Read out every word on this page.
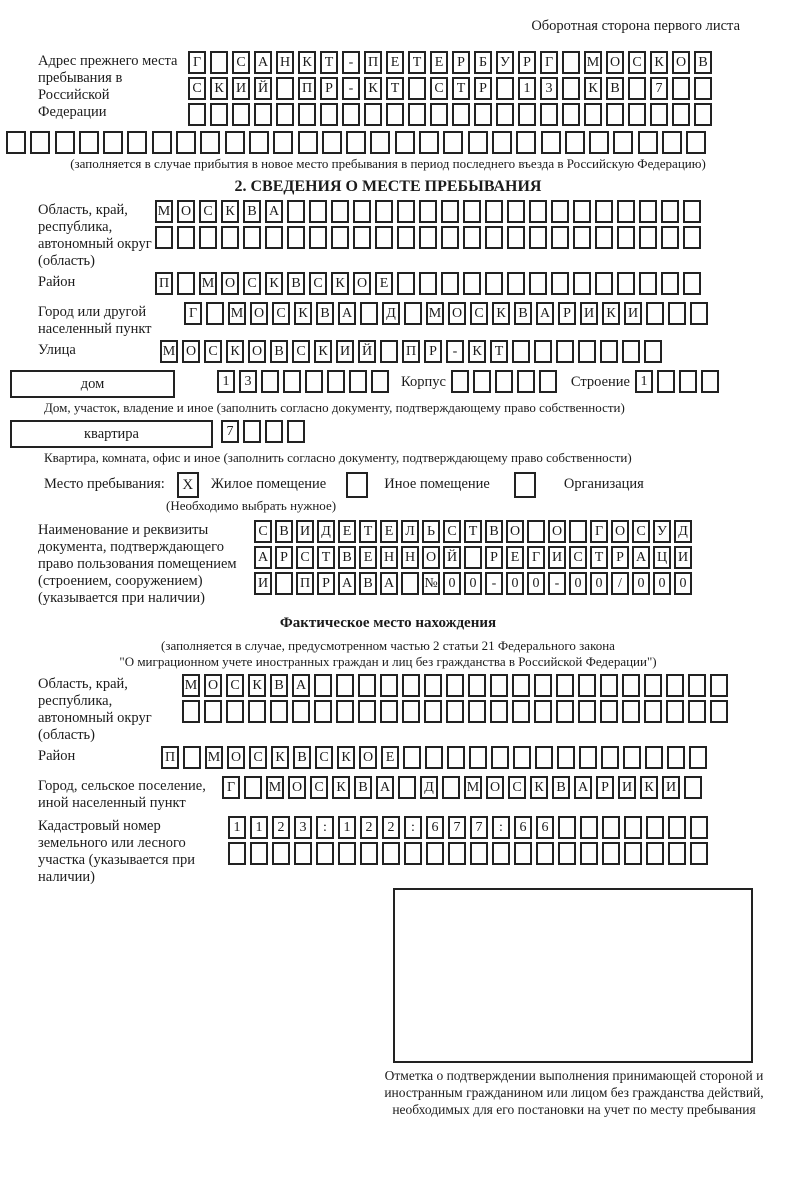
Оборотная сторона первого листа
Адрес прежнего места пребывания в Российской Федерации
Г	С А Н К Т	-	П Е Т Е Р	Б У Р	Г	М О С К О В
С К И Й П Р	-	К Т	С Т Р	1	3	К В	7
(заполняется в случае прибытия в новое место пребывания в период последнего въезда в Российскую Федерацию)
2. СВЕДЕНИЯ О МЕСТЕ ПРЕБЫВАНИЯ
Область, край, республика, автономный округ (область)
М О С К В А
Район	П М О С К В С К О Е
Город или другой населенный пункт
Г	М О С К В А	Д	М О С К В А Р И К И
Улица	М О С К О В С К И Й П Р	-	К Т
дом	1	3	Корпус	Строение 1
Дом, участок, владение и иное (заполнить согласно документу, подтверждающему право собственности)
квартира	7
Квартира, комната, офис и иное (заполнить согласно документу, подтверждающему право собственности)
Место пребывания: X Жилое помещение	Иное помещение	Организация
(Необходимо выбрать нужное)
Наименование и реквизиты документа, подтверждающего право пользования помещением (строением, сооружением) (указывается при наличии)
С В И Д Е Т Е Л Ь С Т В О О	Г О С У Д
А Р С Т В Е Н Н О Й	Р Е Г И С Т Р А Ц И
И П Р А В А № 0	0	-	0	0	-	0	0	/	0	0	0
Фактическое место нахождения
(заполняется в случае, предусмотренном частью 2 статьи 21 Федерального закона
"О миграционном учете иностранных граждан и лиц без гражданства в Российской Федерации")
Область, край, республика, автономный округ (область)
М О С К В А
Район	П М О С К В С К О Е
Город, сельское поселение, иной населенный пункт
Г	М О С К В А	Д	М О С К В А Р И К И
Кадастровый номер земельного или лесного участка (указывается при наличии)
1	1	2	3	:	1	2	2	:	6	7	7	:	6	6
Отметка о подтверждении выполнения принимающей стороной и иностранным гражданином или лицом без гражданства действий, необходимых для его постановки на учет по месту пребывания
